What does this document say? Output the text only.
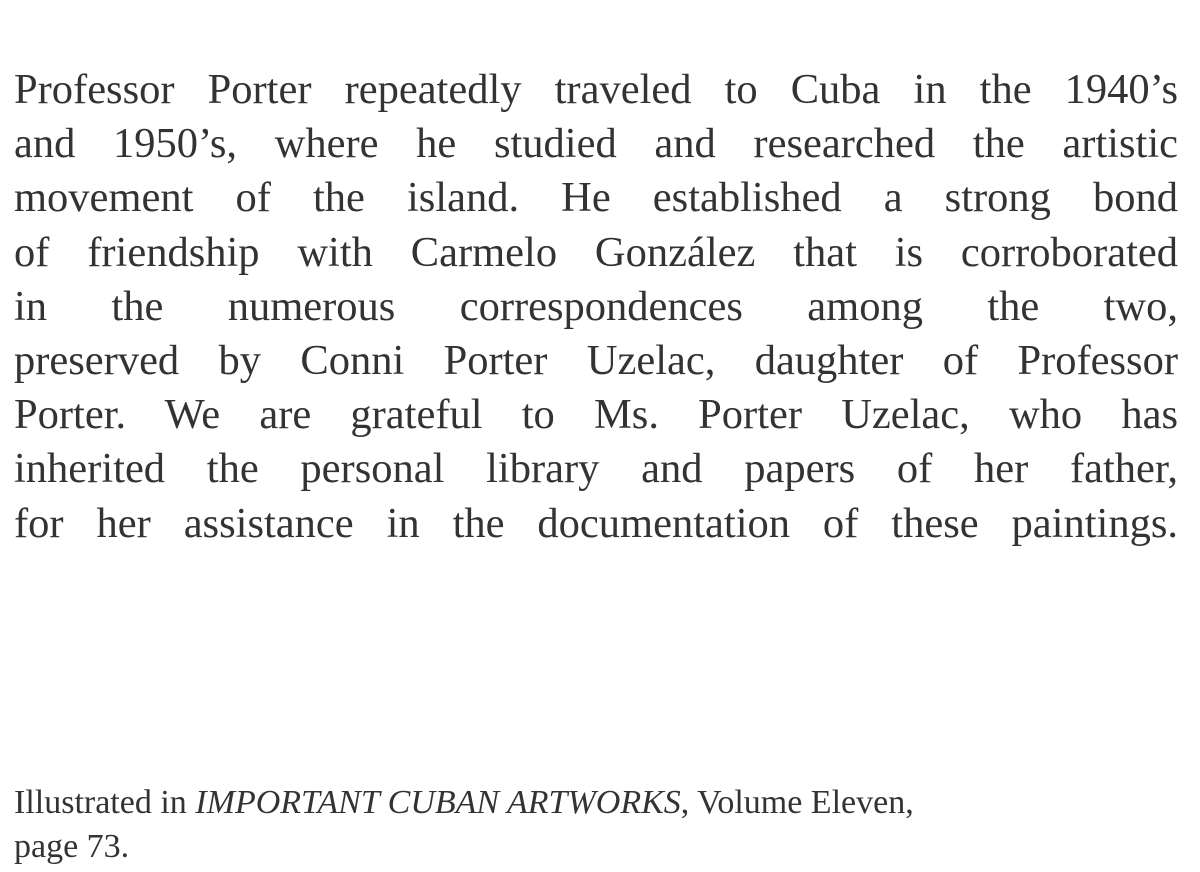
Professor Porter repeatedly traveled to Cuba in the 1940’s
and 1950’s, where he studied and researched the artistic
movement of the island. He established a strong bond
of friendship with Carmelo González that is corroborated
in the numerous correspondences among the two,
preserved by Conni Porter Uzelac, daughter of Professor
Porter. We are grateful to Ms. Porter Uzelac, who has
inherited the personal library and papers of her father,
for her assistance in the documentation of these paintings.

Illustrated in IMPORTANT CUBAN ARTWORKS, Volume Eleven,
page 73.
